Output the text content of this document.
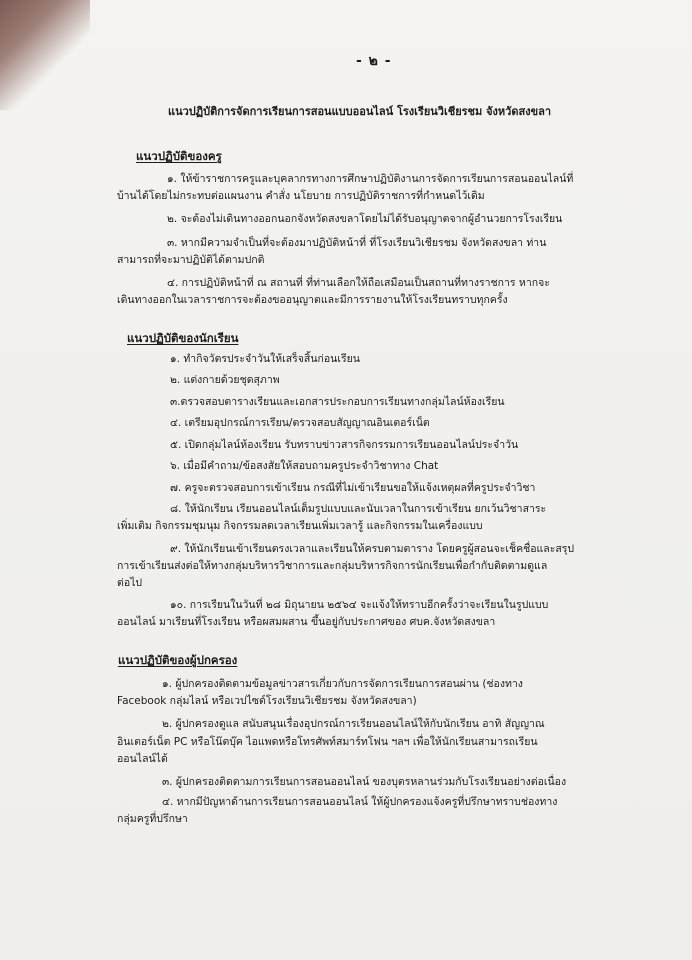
- ๒ -
แนวปฏิบัติการจัดการเรียนการสอนแบบออนไลน์ โรงเรียนวิเชียรชม จังหวัดสงขลา
แนวปฏิบัติของครู
๑. ให้ข้าราชการครูและบุคลากรทางการศึกษาปฏิบัติงานการจัดการเรียนการสอนออนไลน์ที่
บ้านได้โดยไม่กระทบต่อแผนงาน คำสั่ง นโยบาย การปฏิบัติราชการที่กำหนดไว้เดิม
๒. จะต้องไม่เดินทางออกนอกจังหวัดสงขลาโดยไม่ได้รับอนุญาตจากผู้อำนวยการโรงเรียน
๓. หากมีความจำเป็นที่จะต้องมาปฏิบัติหน้าที่ ที่โรงเรียนวิเชียรชม จังหวัดสงขลา ท่าน
สามารถที่จะมาปฏิบัติได้ตามปกติ
๔. การปฏิบัติหน้าที่ ณ สถานที่ ที่ท่านเลือกให้ถือเสมือนเป็นสถานที่ทางราชการ หากจะ
เดินทางออกในเวลาราชการจะต้องขออนุญาตและมีการรายงานให้โรงเรียนทราบทุกครั้ง
แนวปฏิบัติของนักเรียน
๑. ทำกิจวัตรประจำวันให้เสร็จสิ้นก่อนเรียน
๒. แต่งกายด้วยชุดสุภาพ
๓.ตรวจสอบตารางเรียนและเอกสารประกอบการเรียนทางกลุ่มไลน์ห้องเรียน
๔. เตรียมอุปกรณ์การเรียน/ตรวจสอบสัญญาณอินเตอร์เน็ต
๕. เปิดกลุ่มไลน์ห้องเรียน รับทราบข่าวสารกิจกรรมการเรียนออนไลน์ประจำวัน
๖. เมื่อมีคำถาม/ข้อสงสัยให้สอบถามครูประจำวิชาทาง Chat
๗. ครูจะตรวจสอบการเข้าเรียน กรณีที่ไม่เข้าเรียนขอให้แจ้งเหตุผลที่ครูประจำวิชา
๘. ให้นักเรียน เรียนออนไลน์เต็มรูปแบบและนับเวลาในการเข้าเรียน ยกเว้นวิชาสาระ
เพิ่มเติม กิจกรรมชุมนุม กิจกรรมลดเวลาเรียนเพิ่มเวลารู้ และกิจกรรมในเครื่องแบบ
๙. ให้นักเรียนเข้าเรียนตรงเวลาและเรียนให้ครบตามตาราง โดยครูผู้สอนจะเช็คชื่อและสรุป
การเข้าเรียนส่งต่อให้ทางกลุ่มบริหารวิชาการและกลุ่มบริหารกิจการนักเรียนเพื่อกำกับติดตามดูแล
ต่อไป
๑๐. การเรียนในวันที่ ๒๘ มิถุนายน ๒๕๖๔ จะแจ้งให้ทราบอีกครั้งว่าจะเรียนในรูปแบบ
ออนไลน์ มาเรียนที่โรงเรียน หรือผสมผสาน ขึ้นอยู่กับประกาศของ ศบค.จังหวัดสงขลา
แนวปฏิบัติของผู้ปกครอง
๑. ผู้ปกครองติดตามข้อมูลข่าวสารเกี่ยวกับการจัดการเรียนการสอนผ่าน (ช่องทาง
Facebook กลุ่มไลน์ หรือเวปไซต์โรงเรียนวิเชียรชม จังหวัดสงขลา)
๒. ผู้ปกครองดูแล สนับสนุนเรื่องอุปกรณ์การเรียนออนไลน์ให้กับนักเรียน อาทิ สัญญาณ
อินเตอร์เน็ต PC หรือโน๊ตบุ๊ค ไอแพดหรือโทรศัพท์สมาร์ทโฟน ฯลฯ เพื่อให้นักเรียนสามารถเรียน
ออนไลน์ได้
๓. ผู้ปกครองติดตามการเรียนการสอนออนไลน์ ของบุตรหลานร่วมกับโรงเรียนอย่างต่อเนื่อง
๔. หากมีปัญหาด้านการเรียนการสอนออนไลน์ ให้ผู้ปกครองแจ้งครูที่ปรึกษาทราบช่องทาง
กลุ่มครูที่ปรึกษา
